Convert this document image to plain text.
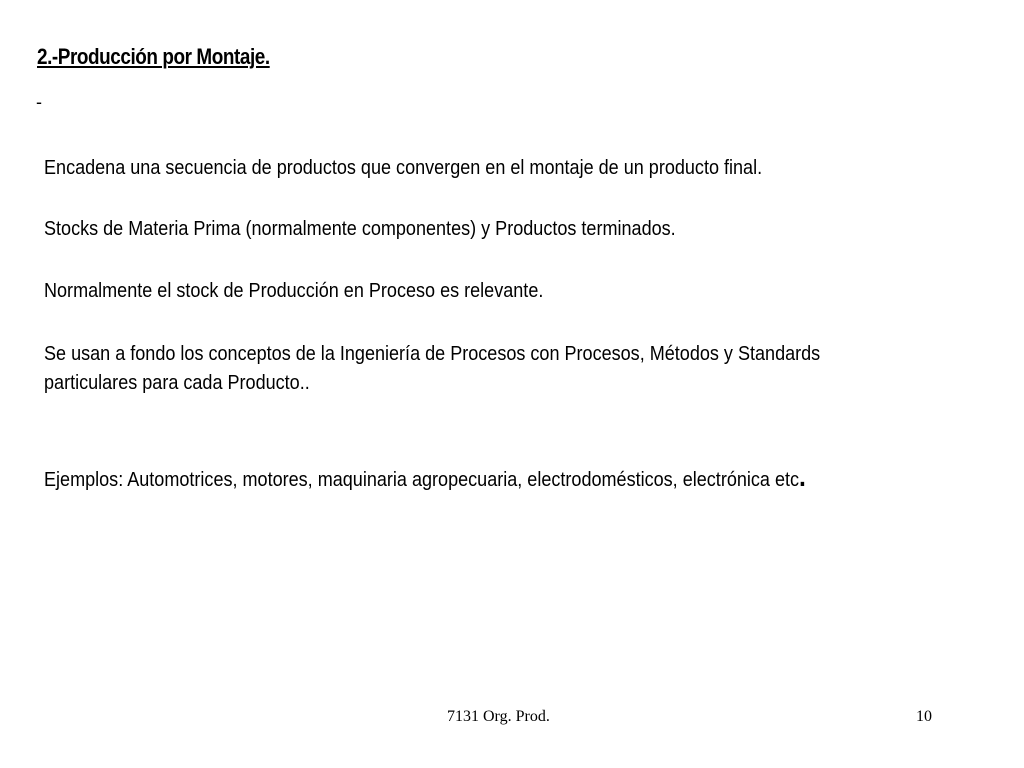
2.-Producción por Montaje.
-
Encadena una secuencia de productos que convergen en el montaje de un producto final.
Stocks de Materia Prima (normalmente componentes) y Productos terminados.
Normalmente el stock de Producción en Proceso es relevante.
Se usan a fondo los conceptos de la Ingeniería de Procesos con Procesos, Métodos y Standards
particulares para cada Producto..
Ejemplos: Automotrices, motores, maquinaria agropecuaria, electrodomésticos, electrónica etc.
7131 Org. Prod.	10
